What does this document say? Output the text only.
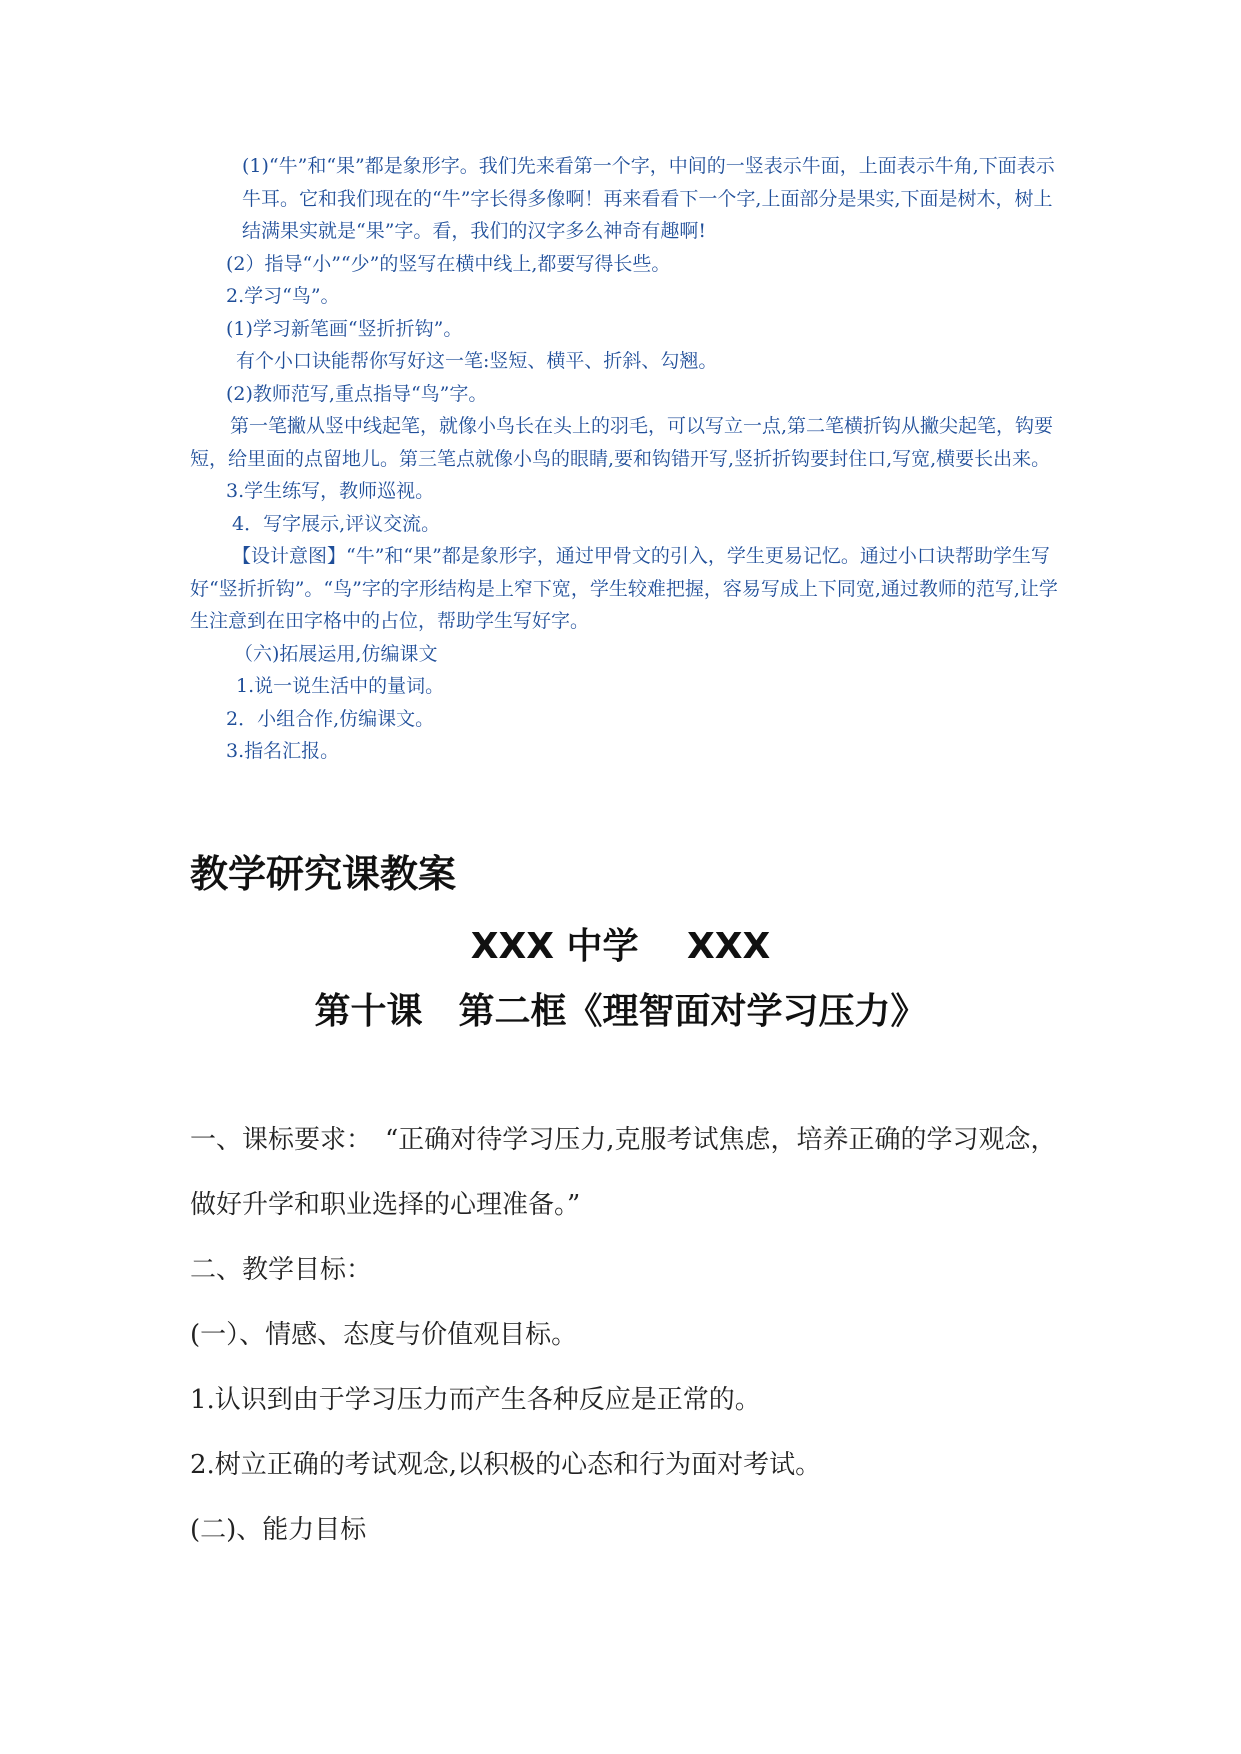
(1)“牛”和“果”都是象形字。我们先来看第一个字，中间的一竖表示牛面，上面表示牛角,下面表示牛耳。它和我们现在的“牛”字长得多像啊！再来看看下一个字,上面部分是果实,下面是树木，树上结满果实就是“果”字。看，我们的汉字多么神奇有趣啊!

(2）指导“小”“少”的竖写在横中线上,都要写得长些。

2.学习“鸟”。

(1)学习新笔画“竖折折钩”。

有个小口诀能帮你写好这一笔:竖短、横平、折斜、勾翘。

(2)教师范写,重点指导“鸟”字。

第一笔撇从竖中线起笔，就像小鸟长在头上的羽毛，可以写立一点,第二笔横折钩从撇尖起笔，钩要短，给里面的点留地儿。第三笔点就像小鸟的眼睛,要和钩错开写,竖折折钩要封住口,写宽,横要长出来。

3.学生练写，教师巡视。

4．写字展示,评议交流。

【设计意图】“牛”和“果”都是象形字，通过甲骨文的引入，学生更易记忆。通过小口诀帮助学生写好“竖折折钩”。“鸟”字的字形结构是上窄下宽，学生较难把握，容易写成上下同宽,通过教师的范写,让学生注意到在田字格中的占位，帮助学生写好字。

（六)拓展运用,仿编课文

1.说一说生活中的量词。

2．小组合作,仿编课文。

3.指名汇报。

教学研究课教案
XXX 中学　 XXX
第十课　第二框《理智面对学习压力》

一、课标要求：　“正确对待学习压力,克服考试焦虑，培养正确的学习观念，

做好升学和职业选择的心理准备。”

二、教学目标：

(一）、情感、态度与价值观目标。

1.认识到由于学习压力而产生各种反应是正常的。

2.树立正确的考试观念,以积极的心态和行为面对考试。

(二)、能力目标
